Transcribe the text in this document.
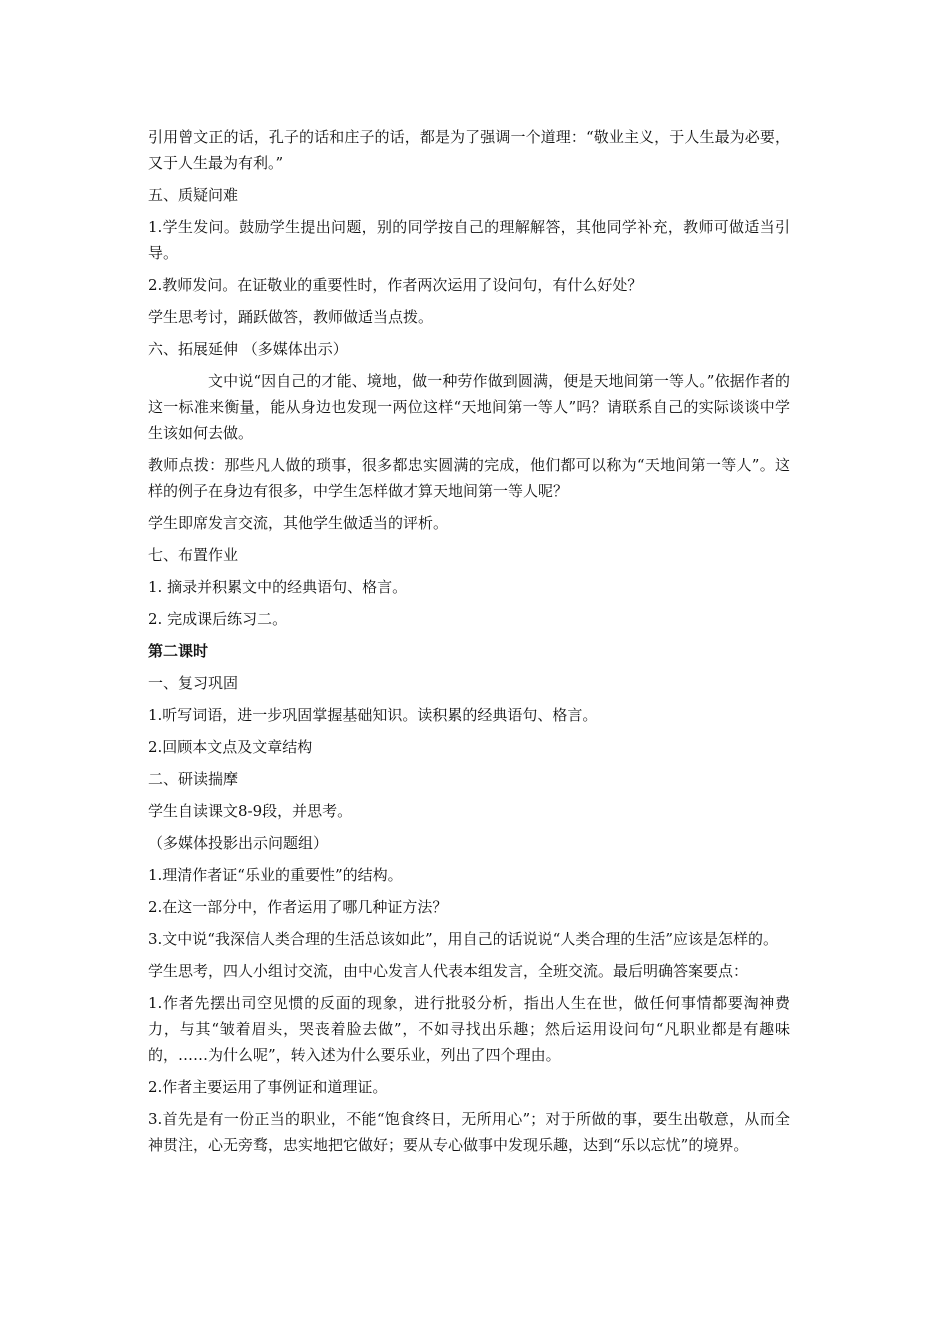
引用曾文正的话，孔子的话和庄子的话，都是为了强调一个道理：“敬业主义，于人生最为必要，又于人生最为有利。”

五、质疑问难

1.学生发问。鼓励学生提出问题，别的同学按自己的理解解答，其他同学补充，教师可做适当引导。

2.教师发问。在证敬业的重要性时，作者两次运用了设问句，有什么好处？

学生思考讨，踊跃做答，教师做适当点拨。

六、拓展延伸 （多媒体出示）

文中说“因自己的才能、境地，做一种劳作做到圆满，便是天地间第一等人。”依据作者的这一标准来衡量，能从身边也发现一两位这样“天地间第一等人”吗？请联系自己的实际谈谈中学生该如何去做。

教师点拨：那些凡人做的琐事，很多都忠实圆满的完成，他们都可以称为“天地间第一等人”。这样的例子在身边有很多，中学生怎样做才算天地间第一等人呢？

学生即席发言交流，其他学生做适当的评析。

七、布置作业

1. 摘录并积累文中的经典语句、格言。

2. 完成课后练习二。

第二课时

一、复习巩固

1.听写词语，进一步巩固掌握基础知识。读积累的经典语句、格言。

2.回顾本文点及文章结构

二、研读揣摩

学生自读课文8-9段，并思考。

（多媒体投影出示问题组）

1.理清作者证“乐业的重要性”的结构。

2.在这一部分中，作者运用了哪几种证方法？

3.文中说“我深信人类合理的生活总该如此”，用自己的话说说“人类合理的生活”应该是怎样的。

学生思考，四人小组讨交流，由中心发言人代表本组发言，全班交流。最后明确答案要点：

1.作者先摆出司空见惯的反面的现象，进行批驳分析，指出人生在世，做任何事情都要淘神费力，与其“皱着眉头，哭丧着脸去做”，不如寻找出乐趣；然后运用设问句“凡职业都是有趣味的，……为什么呢”，转入述为什么要乐业，列出了四个理由。

2.作者主要运用了事例证和道理证。

3.首先是有一份正当的职业，不能“饱食终日，无所用心”；对于所做的事，要生出敬意，从而全神贯注，心无旁骛，忠实地把它做好；要从专心做事中发现乐趣，达到“乐以忘忧”的境界。
